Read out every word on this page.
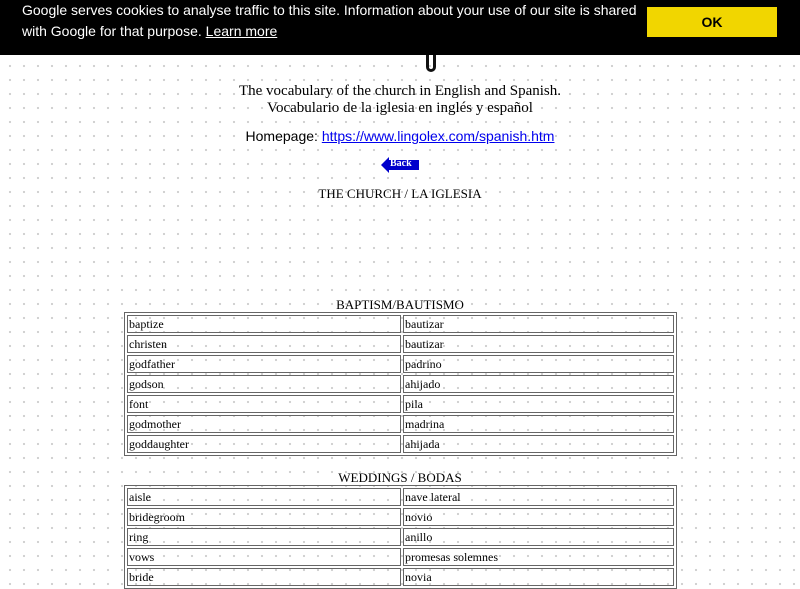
Google serves cookies to analyse traffic to this site. Information about your use of our site is shared with Google for that purpose. Learn more

OK
The vocabulary of the church in English and Spanish.
Vocabulario de la iglesia en inglés y español
Homepage: https://www.lingolex.com/spanish.htm
Back
THE CHURCH / LA IGLESIA
BAPTISM/BAUTISMO
baptize	bautizar
christen	bautizar
godfather	padrino
godson	ahijado
font	pila
godmother	madrina
goddaughter	ahijada
WEDDINGS / BODAS
aisle	nave lateral
bridegroom	novio
ring	anillo
vows	promesas solemnes
bride	novia
